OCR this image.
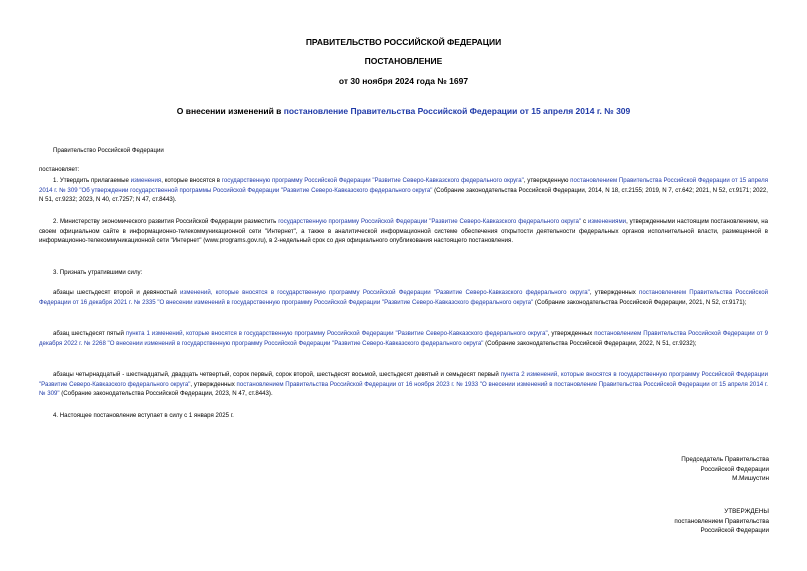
ПРАВИТЕЛЬСТВО РОССИЙСКОЙ ФЕДЕРАЦИИ
ПОСТАНОВЛЕНИЕ
от 30 ноября 2024 года № 1697
О внесении изменений в постановление Правительства Российской Федерации от 15 апреля 2014 г. № 309
Правительство Российской Федерации
постановляет:
1. Утвердить прилагаемые изменения, которые вносятся в государственную программу Российской Федерации "Развитие Северо-Кавказского федерального округа", утвержденную постановлением Правительства Российской Федерации от 15 апреля 2014 г. № 309 "Об утверждении государственной программы Российской Федерации "Развитие Северо-Кавказского федерального округа" (Собрание законодательства Российской Федерации, 2014, N 18, ст.2155; 2019, N 7, ст.642; 2021, N 52, ст.9171; 2022, N 51, ст.9232; 2023, N 40, ст.7257; N 47, ст.8443).
2. Министерству экономического развития Российской Федерации разместить государственную программу Российской Федерации "Развитие Северо-Кавказского федерального округа" с изменениями, утвержденными настоящим постановлением, на своем официальном сайте в информационно-телекоммуникационной сети "Интернет", а также в аналитической информационной системе обеспечения открытости деятельности федеральных органов исполнительной власти, размещенной в информационно-телекоммуникационной сети "Интернет" (www.programs.gov.ru), в 2-недельный срок со дня официального опубликования настоящего постановления.
3. Признать утратившими силу:
абзацы шестьдесят второй и девяностый изменений, которые вносятся в государственную программу Российской Федерации "Развитие Северо-Кавказского федерального округа", утвержденных постановлением Правительства Российской Федерации от 16 декабря 2021 г. № 2335 "О внесении изменений в государственную программу Российской Федерации "Развитие Северо-Кавказского федерального округа" (Собрание законодательства Российской Федерации, 2021, N 52, ст.9171);
абзац шестьдесят пятый пункта 1 изменений, которые вносятся в государственную программу Российской Федерации "Развитие Северо-Кавказского федерального округа", утвержденных постановлением Правительства Российской Федерации от 9 декабря 2022 г. № 2268 "О внесении изменений в государственную программу Российской Федерации "Развитие Северо-Кавказского федерального округа" (Собрание законодательства Российской Федерации, 2022, N 51, ст.9232);
абзацы четырнадцатый - шестнадцатый, двадцать четвертый, сорок первый, сорок второй, шестьдесят восьмой, шестьдесят девятый и семьдесят первый пункта 2 изменений, которые вносятся в государственную программу Российской Федерации "Развитие Северо-Кавказского федерального округа", утвержденных постановлением Правительства Российской Федерации от 16 ноября 2023 г. № 1933 "О внесении изменений в постановление Правительства Российской Федерации от 15 апреля 2014 г. № 309" (Собрание законодательства Российской Федерации, 2023, N 47, ст.8443).
4. Настоящее постановление вступает в силу с 1 января 2025 г.
Председатель Правительства
Российской Федерации
М.Мишустин
УТВЕРЖДЕНЫ
постановлением Правительства
Российской Федерации
